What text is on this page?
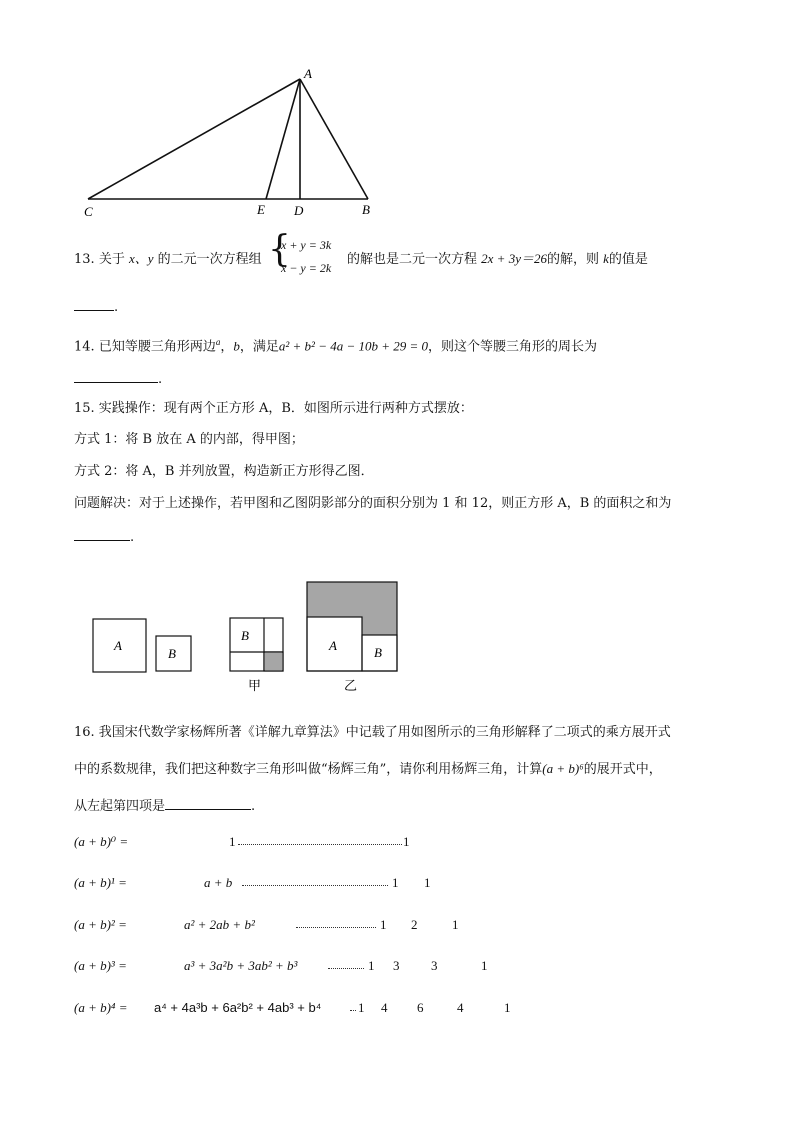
A
C	E D	B
13. 关于 x、y 的二元一次方程组 {
x + y = 3k
x − y = 2k
的解也是二元一次方程 2x + 3y＝26的解，则 k的值是
.
14. 已知等腰三角形两边$^a$，b，满足a² + b² − 4a − 10b + 29 = 0，则这个等腰三角形的周长为
.
15. 实践操作：现有两个正方形 A，B．如图所示进行两种方式摆放：
方式 1：将 B 放在 A 的内部，得甲图；
方式 2：将 A，B 并列放置，构造新正方形得乙图．
问题解决：对于上述操作，若甲图和乙图阴影部分的面积分别为 1 和 12，则正方形 A，B 的面积之和为
.
A
B
B
A	B
甲	乙
16. 我国宋代数学家杨辉所著《详解九章算法》中记载了用如图所示的三角形解释了二项式的乘方展开式
中的系数规律，我们把这种数字三角形叫做“杨辉三角”，请你利用杨辉三角，计算(a + b)⁶的展开式中，
从左起第四项是	.
(a + b)⁰ =	1	1
(a + b)¹ =	a + b	1 1
(a + b)² =	a² + 2ab + b²	1 2	1
(a + b)³ =	a³ + 3a²b + 3ab² + b³	1 3 3	1
(a + b)⁴ = a⁴ + 4a³b + 6a²b² + 4ab³ + b⁴	1 4 6	4	1
